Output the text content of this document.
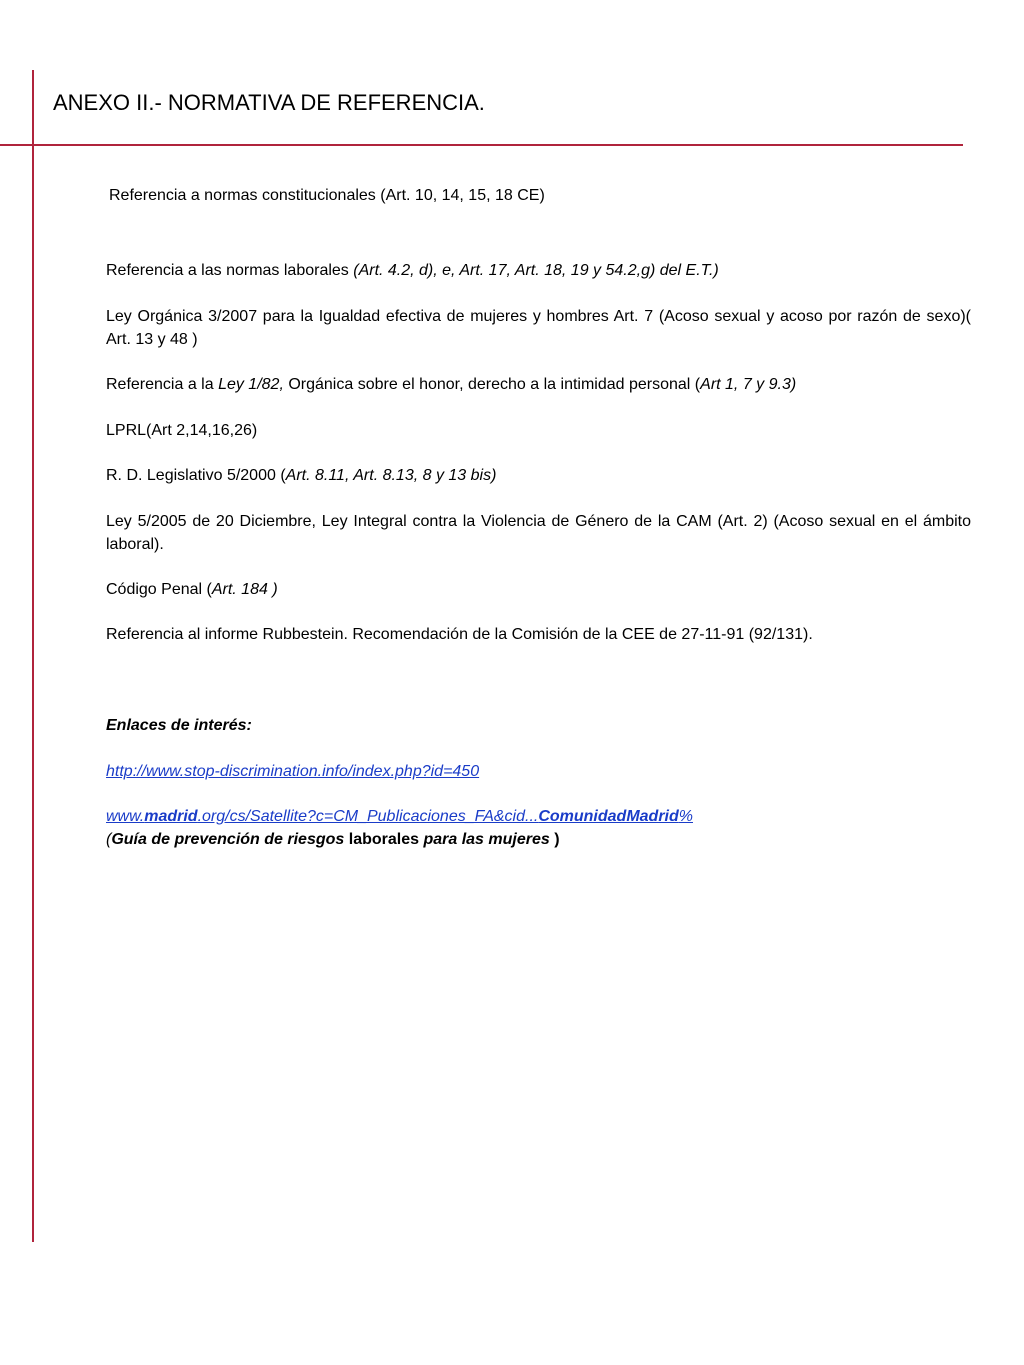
ANEXO II.- NORMATIVA DE REFERENCIA.

Referencia a normas constitucionales (Art. 10, 14, 15, 18 CE)

Referencia a las normas laborales (Art. 4.2, d), e, Art. 17, Art. 18, 19 y 54.2,g) del E.T.)

Ley Orgánica 3/2007 para la Igualdad efectiva de mujeres y hombres Art. 7 (Acoso sexual y acoso por razón de sexo)( Art. 13 y 48 )

Referencia a la Ley 1/82, Orgánica sobre el honor, derecho a la intimidad personal (Art 1, 7 y 9.3)

LPRL(Art 2,14,16,26)

R. D. Legislativo 5/2000 (Art. 8.11, Art. 8.13, 8 y 13 bis)

Ley 5/2005 de 20 Diciembre, Ley Integral contra la Violencia de Género de la CAM (Art. 2) (Acoso sexual en el ámbito laboral).

Código Penal (Art. 184 )

Referencia al informe Rubbestein. Recomendación de la Comisión de la CEE de 27-11-91 (92/131).

Enlaces de interés:

http://www.stop-discrimination.info/index.php?id=450

www.madrid.org/cs/Satellite?c=CM_Publicaciones_FA&cid...ComunidadMadrid%
(Guía de prevención de riesgos laborales para las mujeres )
